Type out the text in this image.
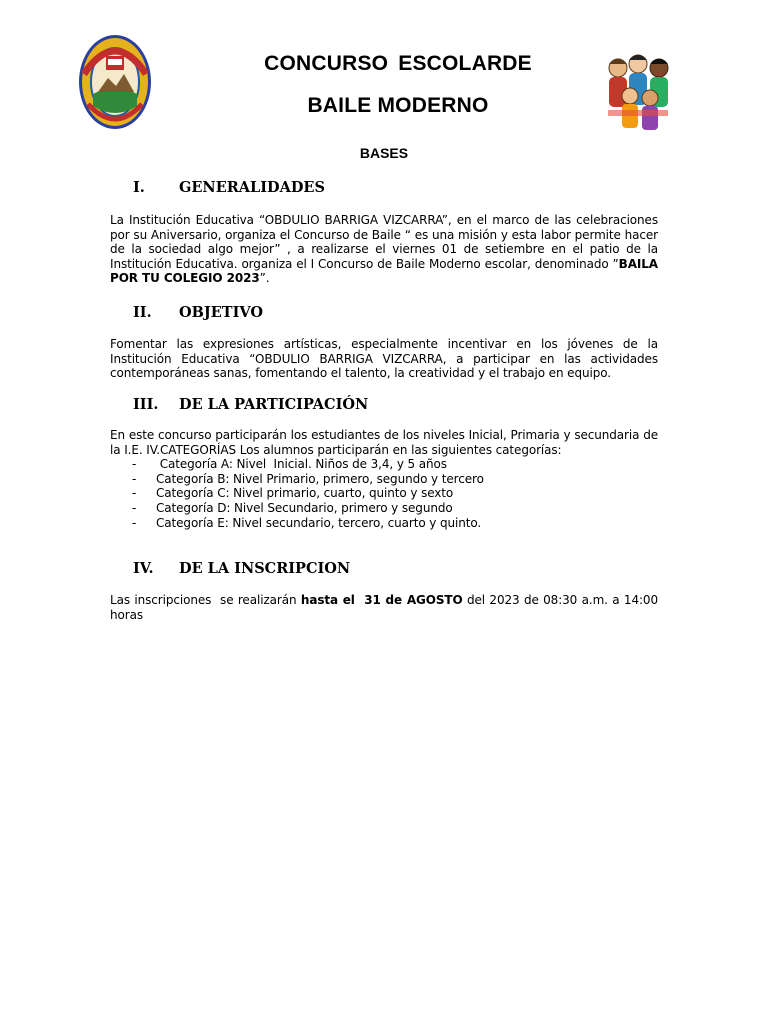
CONCURSO ESCOLARDE
BAILE MODERNO
BASES
I. GENERALIDADES
La Institución Educativa “OBDULIO BARRIGA VIZCARRA”, en el marco de las celebraciones por su Aniversario, organiza el Concurso de Baile “ es una misión y esta labor permite hacer de la sociedad algo mejor” , a realizarse el viernes 01 de setiembre en el patio de la Institución Educativa. organiza el I Concurso de Baile Moderno escolar, denominado ”BAILA POR TU COLEGIO 2023”.
II. OBJETIVO
Fomentar las expresiones artísticas, especialmente incentivar en los jóvenes de la Institución Educativa “OBDULIO BARRIGA VIZCARRA, a participar en las actividades contemporáneas sanas, fomentando el talento, la creatividad y el trabajo en equipo.
III. DE LA PARTICIPACIÓN
En este concurso participarán los estudiantes de los niveles Inicial, Primaria y secundaria de la I.E. IV.CATEGORÍAS Los alumnos participarán en las siguientes categorías:
- Categoría A: Nivel  Inicial. Niños de 3,4, y 5 años
- Categoría B: Nivel Primario, primero, segundo y tercero
- Categoría C: Nivel primario, cuarto, quinto y sexto
- Categoría D: Nivel Secundario, primero y segundo
- Categoría E: Nivel secundario, tercero, cuarto y quinto.
IV. DE LA INSCRIPCION
Las inscripciones  se realizarán hasta el  31 de AGOSTO del 2023 de 08:30 a.m. a 14:00 horas
